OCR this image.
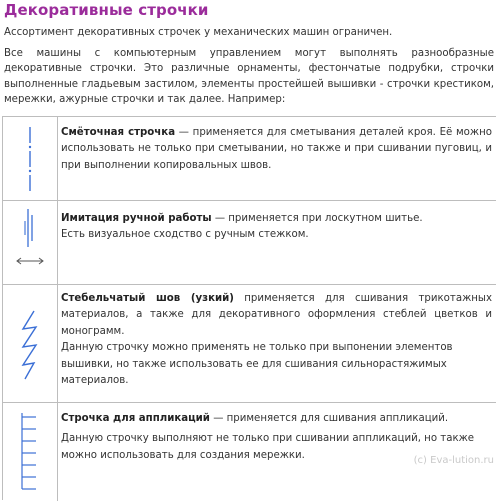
Декоративные строчки

Ассортимент декоративных строчек у механических машин ограничен.

Все машины с компьютерным управлением могут выполнять разнообразные декоративные строчки. Это различные орнаменты, фестончатые подрубки, строчки выполненные гладьевым застилом, элементы простейшей вышивки - строчки крестиком, мережки, ажурные строчки и так далее. Например:

Смёточная строчка — применяется для сметывания деталей кроя. Её можно использовать не только при сметывании, но также и при сшивании пуговиц, и при выполнении копировальных швов.

Имитация ручной работы — применяется при лоскутном шитье.

Есть визуальное сходство с ручным стежком.

Стебельчатый шов (узкий) применяется для сшивания трикотажных материалов, а также для декоративного оформления стеблей цветков и монограмм.

Данную строчку можно применять не только при выпонении элементов вышивки, но также использовать ее для сшивания сильнорастяжимых материалов.

Строчка для аппликаций — применяется для сшивания аппликаций.

Данную строчку выполняют не только при сшивании аппликаций, но также можно использовать для создания мережки.	(c) Eva-lution.ru
